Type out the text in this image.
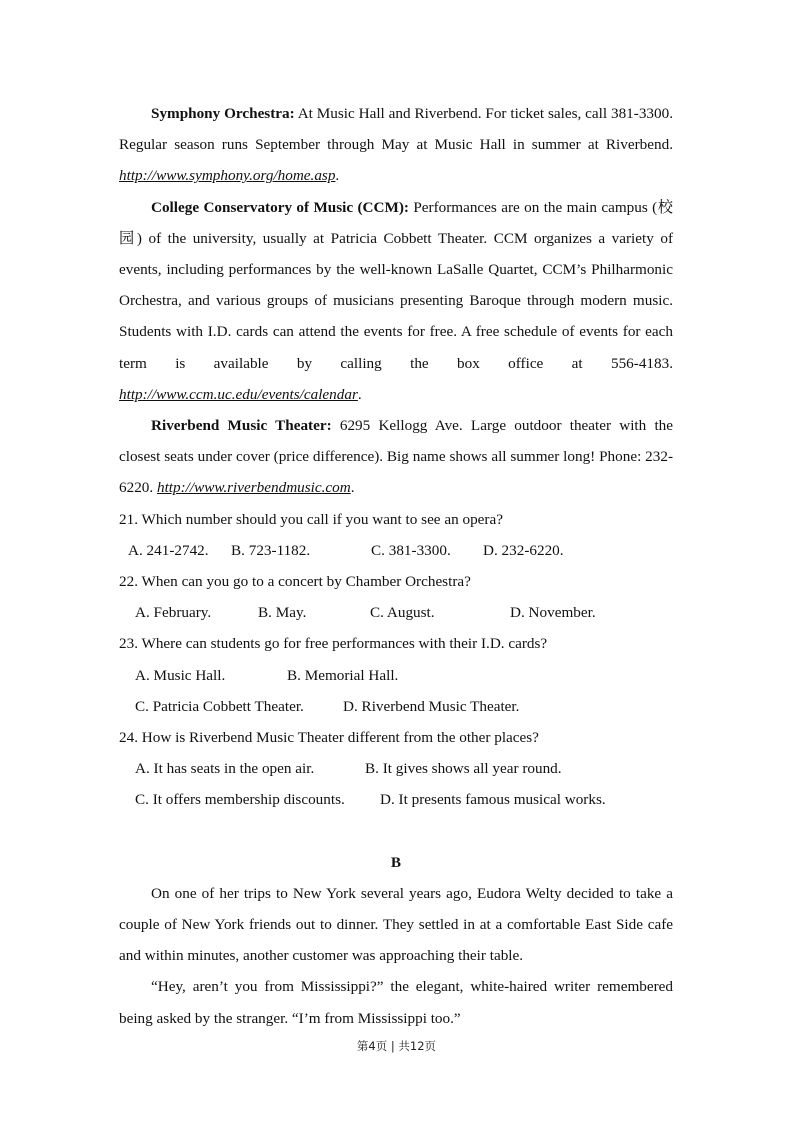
Symphony Orchestra: At Music Hall and Riverbend. For ticket sales, call 381-3300. Regular season runs September through May at Music Hall in summer at Riverbend. http://www.symphony.org/home.asp.

College Conservatory of Music (CCM): Performances are on the main campus (校园) of the university, usually at Patricia Cobbett Theater. CCM organizes a variety of events, including performances by the well-known LaSalle Quartet, CCM’s Philharmonic Orchestra, and various groups of musicians presenting Baroque through modern music. Students with I.D. cards can attend the events for free. A free schedule of events for each term is available by calling the box office at 556-4183. http://www.ccm.uc.edu/events/calendar.

Riverbend Music Theater: 6295 Kellogg Ave. Large outdoor theater with the closest seats under cover (price difference). Big name shows all summer long! Phone: 232-6220. http://www.riverbendmusic.com.

21. Which number should you call if you want to see an opera?

A. 241-2742. B. 723-1182.	C. 381-3300. D. 232-6220.

22. When can you go to a concert by Chamber Orchestra?

A. February.	B. May.	C. August.	D. November.

23. Where can students go for free performances with their I.D. cards?

A. Music Hall.	B. Memorial Hall.

C. Patricia Cobbett Theater.	D. Riverbend Music Theater.

24. How is Riverbend Music Theater different from the other places?

A. It has seats in the open air.	B. It gives shows all year round.

C. It offers membership discounts. D. It presents famous musical works.

B

On one of her trips to New York several years ago, Eudora Welty decided to take a couple of New York friends out to dinner. They settled in at a comfortable East Side cafe and within minutes, another customer was approaching their table.

“Hey, aren’t you from Mississippi?” the elegant, white-haired writer remembered being asked by the stranger. “I’m from Mississippi too.”

第4页 | 共12页
